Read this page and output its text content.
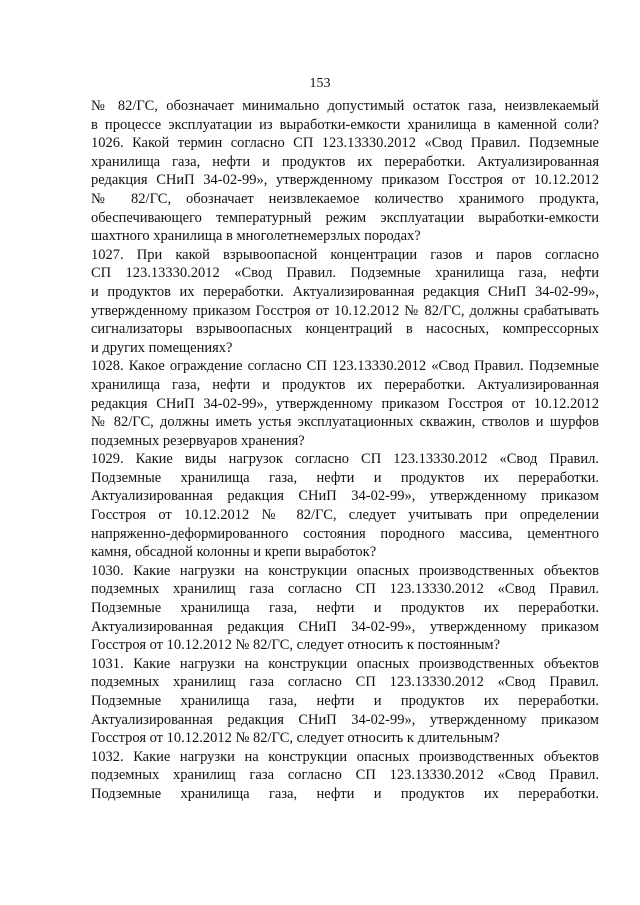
153
№ 82/ГС, обозначает минимально допустимый остаток газа, неизвлекаемый
в процессе эксплуатации из выработки-емкости хранилища в каменной соли?
1026. Какой термин согласно СП 123.13330.2012 «Свод Правил. Подземные
хранилища газа, нефти и продуктов их переработки. Актуализированная
редакция СНиП 34-02-99», утвержденному приказом Госстроя от 10.12.2012
№ 82/ГС, обозначает неизвлекаемое количество хранимого продукта,
обеспечивающего температурный режим эксплуатации выработки-емкости
шахтного хранилища в многолетнемерзлых породах?
1027. При какой взрывоопасной концентрации газов и паров согласно
СП 123.13330.2012 «Свод Правил. Подземные хранилища газа, нефти
и продуктов их переработки. Актуализированная редакция СНиП 34-02-99»,
утвержденному приказом Госстроя от 10.12.2012 № 82/ГС, должны срабатывать
сигнализаторы взрывоопасных концентраций в насосных, компрессорных
и других помещениях?
1028. Какое ограждение согласно СП 123.13330.2012 «Свод Правил. Подземные
хранилища газа, нефти и продуктов их переработки. Актуализированная
редакция СНиП 34-02-99», утвержденному приказом Госстроя от 10.12.2012
№ 82/ГС, должны иметь устья эксплуатационных скважин, стволов и шурфов
подземных резервуаров хранения?
1029. Какие виды нагрузок согласно СП 123.13330.2012 «Свод Правил.
Подземные хранилища газа, нефти и продуктов их переработки.
Актуализированная редакция СНиП 34-02-99», утвержденному приказом
Госстроя от 10.12.2012 № 82/ГС, следует учитывать при определении
напряженно-деформированного состояния породного массива, цементного
камня, обсадной колонны и крепи выработок?
1030. Какие нагрузки на конструкции опасных производственных объектов
подземных хранилищ газа согласно СП 123.13330.2012 «Свод Правил.
Подземные хранилища газа, нефти и продуктов их переработки.
Актуализированная редакция СНиП 34-02-99», утвержденному приказом
Госстроя от 10.12.2012 № 82/ГС, следует относить к постоянным?
1031. Какие нагрузки на конструкции опасных производственных объектов
подземных хранилищ газа согласно СП 123.13330.2012 «Свод Правил.
Подземные хранилища газа, нефти и продуктов их переработки.
Актуализированная редакция СНиП 34-02-99», утвержденному приказом
Госстроя от 10.12.2012 № 82/ГС, следует относить к длительным?
1032. Какие нагрузки на конструкции опасных производственных объектов
подземных хранилищ газа согласно СП 123.13330.2012 «Свод Правил.
Подземные хранилища газа, нефти и продуктов их переработки.
